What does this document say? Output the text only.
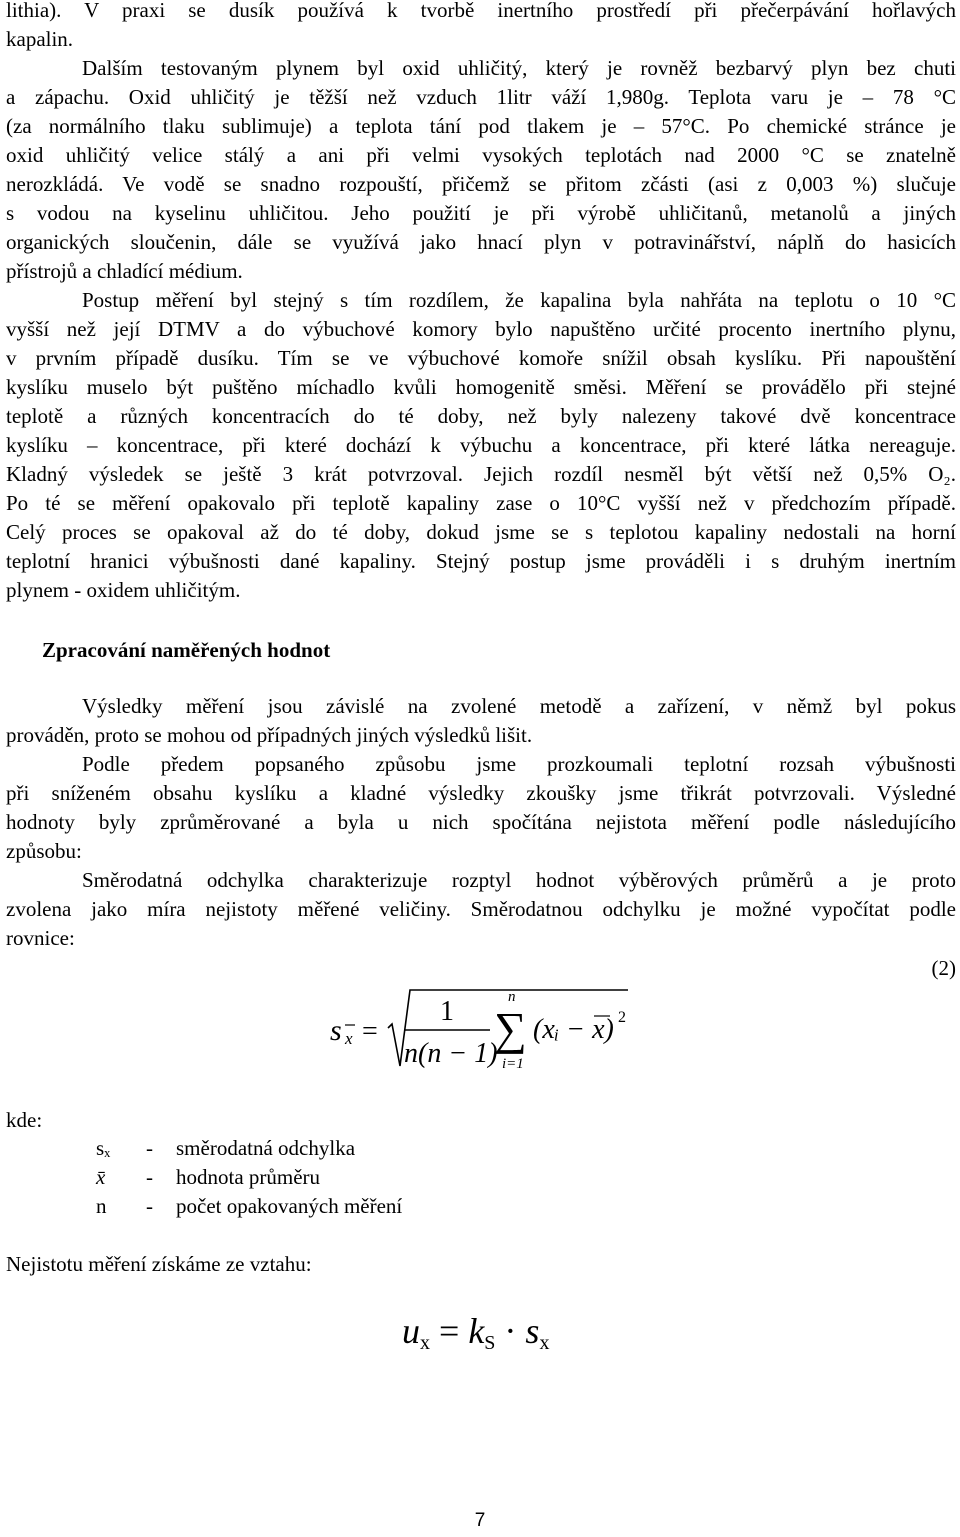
lithia). V praxi se dusík používá k tvorbě inertního prostředí při přečerpávání hořlavých
kapalin.
Dalším testovaným plynem byl oxid uhličitý, který je rovněž bezbarvý plyn bez chuti
a zápachu. Oxid uhličitý je těžší než vzduch 1litr váží 1,980g. Teplota varu je – 78 °C
(za normálního tlaku sublimuje) a teplota tání pod tlakem je – 57°C. Po chemické stránce je
oxid uhličitý velice stálý a ani při velmi vysokých teplotách nad 2000 °C se znatelně
nerozkládá. Ve vodě se snadno rozpouští, přičemž se přitom zčásti (asi z 0,003 %) slučuje
s vodou na kyselinu uhličitou. Jeho použití je při výrobě uhličitanů, metanolů a jiných
organických sloučenin, dále se využívá jako hnací plyn v potravinářství, náplň do hasicích
přístrojů a chladící médium.
Postup měření byl stejný s tím rozdílem, že kapalina byla nahřáta na teplotu o 10 °C
vyšší než její DTMV a do výbuchové komory bylo napuštěno určité procento inertního plynu,
v prvním případě dusíku. Tím se ve výbuchové komoře snížil obsah kyslíku. Při napouštění
kyslíku muselo být puštěno míchadlo kvůli homogenitě směsi. Měření se provádělo při stejné
teplotě a různých koncentracích do té doby, než byly nalezeny takové dvě koncentrace
kyslíku – koncentrace, při které dochází k výbuchu a koncentrace, při které látka nereaguje.
Kladný výsledek se ještě 3 krát potvrzoval. Jejich rozdíl nesměl být větší než 0,5% O₂.
Po té se měření opakovalo při teplotě kapaliny zase o 10°C vyšší než v předchozím případě.
Celý proces se opakoval až do té doby, dokud jsme se s teplotou kapaliny nedostali na horní
teplotní hranici výbušnosti dané kapaliny. Stejný postup jsme prováděli i s druhým inertním
plynem - oxidem uhličitým.
Zpracování naměřených hodnot
Výsledky měření jsou závislé na zvolené metodě a zařízení, v němž byl pokus
prováděn, proto se mohou od případných jiných výsledků lišit.
Podle předem popsaného způsobu jsme prozkoumali teplotní rozsah výbušnosti
při sníženém obsahu kyslíku a kladné výsledky zkoušky jsme třikrát potvrzovali. Výsledné
hodnoty byly zprůměrované a byla u nich spočítána nejistota měření podle následujícího
způsobu:
Směrodatná odchylka charakterizuje rozptyl hodnot výběrových průměrů a je proto
zvolena jako míra nejistoty měřené veličiny. Směrodatnou odchylku je možné vypočítat podle
rovnice:
(2)
s x =
1
n(n − 1)
n
∑
i=1
(xᵢ − x) 2
kde:
sₓ	- směrodatná odchylka
x̄	- hodnota průměru
n	- počet opakovaných měření
Nejistotu měření získáme ze vztahu:
ux = kS · sx
7
